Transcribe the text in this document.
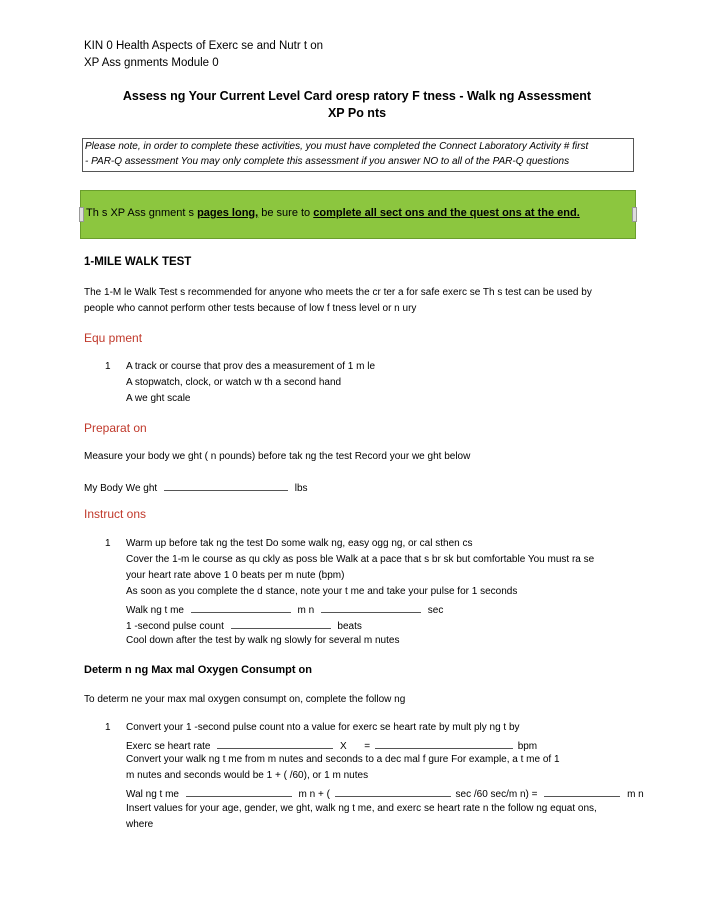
KIN 0 Health Aspects of Exerc se and Nutr t on
XP Ass gnments Module 0
Assess ng Your Current Level Card oresp ratory F tness - Walk ng Assessment
XP Po nts
Please note, in order to complete these activities, you must have completed the Connect Laboratory Activity # first
- PAR-Q assessment You may only complete this assessment if you answer NO to all of the PAR-Q questions
Th s XP Ass gnment s pages long, be sure to complete all sect ons and the quest ons at the end.
1-MILE WALK TEST
The 1-M le Walk Test s recommended for anyone who meets the cr ter a for safe exerc se Th s test can be used by
people who cannot perform other tests because of low f tness level or n ury
Equ pment
1 A track or course that prov des a measurement of 1 m le
A stopwatch, clock, or watch w th a second hand
A we ght scale
Preparat on
Measure your body we ght ( n pounds) before tak ng the test Record your we ght below
My Body We ght	lbs
Instruct ons
1 Warm up before tak ng the test Do some walk ng, easy ogg ng, or cal sthen cs
Cover the 1-m le course as qu ckly as poss ble Walk at a pace that s br sk but comfortable You must ra se
your heart rate above 1 0 beats per m nute (bpm)
As soon as you complete the d stance, note your t me and take your pulse for 1 seconds
Walk ng t me	m n	sec
1 -second pulse count	beats
Cool down after the test by walk ng slowly for several m nutes
Determ n ng Max mal Oxygen Consumpt on
To determ ne your max mal oxygen consumpt on, complete the follow ng
1 Convert your 1 -second pulse count nto a value for exerc se heart rate by mult ply ng t by
Exerc se heart rate	X =	bpm
Convert your walk ng t me from m nutes and seconds to a dec mal f gure For example, a t me of 1
m nutes and seconds would be 1 + ( /60), or 1 m nutes
Wal ng t me	m n + (	sec /60 sec/m n) =	m n
Insert values for your age, gender, we ght, walk ng t me, and exerc se heart rate n the follow ng equat ons,
where
